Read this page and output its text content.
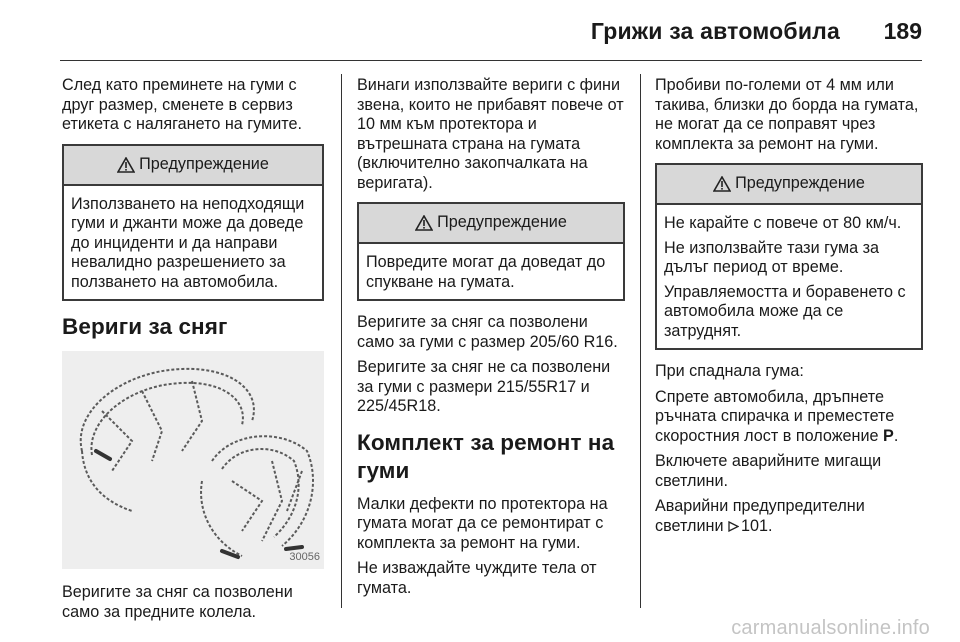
Грижи за автомобила 189

След като преминете на гуми с друг размер, сменете в сервиз етикета с налягането на гумите.

Предупреждение

Използването на неподходящи гуми и джанти може да доведе до инциденти и да направи невалидно разрешението за ползването на автомобила.

Вериги за сняг
30056

Веригите за сняг са позволени само за предните колела.

Винаги използвайте вериги с фини звена, които не прибавят повече от 10 мм към протектора и вътрешната страна на гумата (включително закопчалката на веригата).

Предупреждение

Повредите могат да доведат до спукване на гумата.

Веригите за сняг са позволени само за гуми с размер 205/60 R16.

Веригите за сняг не са позволени за гуми с размери 215/55R17 и 225/45R18.

Комплект за ремонт на гуми

Малки дефекти по протектора на гумата могат да се ремонтират с комплекта за ремонт на гуми.

Не изваждайте чуждите тела от гумата.

Пробиви по-големи от 4 мм или такива, близки до борда на гумата, не могат да се поправят чрез комплекта за ремонт на гуми.

Предупреждение

Не карайте с повече от 80 км/ч.

Не използвайте тази гума за дълъг период от време.

Управляемостта и боравенето с автомобила може да се затруднят.

При спаднала гума:

Спрете автомобила, дръпнете ръчната спирачка и преместете скоростния лост в положение P.

Включете аварийните мигащи светлини.

Аварийни предупредителни светлини 101.

carmanualsonline.info
